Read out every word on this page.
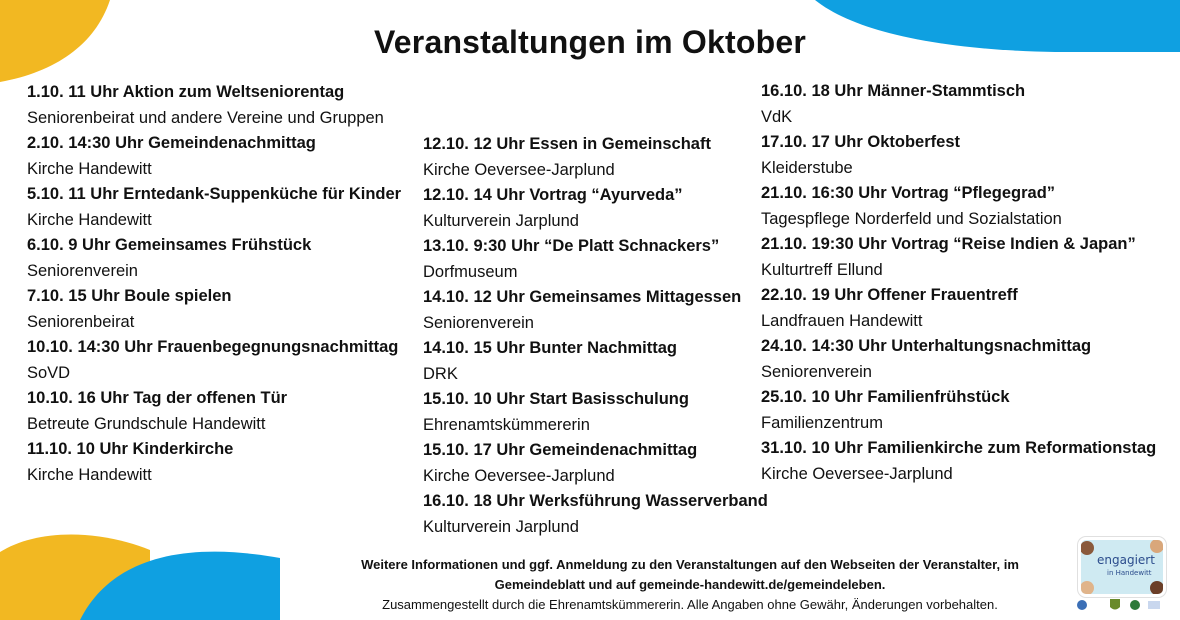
Veranstaltungen im Oktober
1.10. 11 Uhr Aktion zum Weltseniorentag
Seniorenbeirat und andere Vereine und Gruppen
2.10. 14:30 Uhr Gemeindenachmittag
Kirche Handewitt
5.10. 11 Uhr Erntedank-Suppenküche für Kinder
Kirche Handewitt
6.10. 9 Uhr Gemeinsames Frühstück
Seniorenverein
7.10. 15 Uhr Boule spielen
Seniorenbeirat
10.10. 14:30 Uhr Frauenbegegnungsnachmittag
SoVD
10.10. 16 Uhr Tag der offenen Tür
Betreute Grundschule Handewitt
11.10. 10 Uhr Kinderkirche
Kirche Handewitt
12.10. 12 Uhr Essen in Gemeinschaft
Kirche Oeversee-Jarplund
12.10. 14 Uhr Vortrag “Ayurveda”
Kulturverein Jarplund
13.10. 9:30 Uhr “De Platt Schnackers”
Dorfmuseum
14.10. 12 Uhr Gemeinsames Mittagessen
Seniorenverein
14.10. 15 Uhr Bunter Nachmittag
DRK
15.10. 10 Uhr Start Basisschulung
Ehrenamtskümmererin
15.10. 17 Uhr Gemeindenachmittag
Kirche Oeversee-Jarplund
16.10. 18 Uhr Werksführung Wasserverband
Kulturverein Jarplund
16.10. 18 Uhr Männer-Stammtisch
VdK
17.10. 17 Uhr Oktoberfest
Kleiderstube
21.10. 16:30 Uhr Vortrag “Pflegegrad”
Tagespflege Norderfeld und Sozialstation
21.10. 19:30 Uhr Vortrag “Reise Indien & Japan”
Kulturtreff Ellund
22.10. 19 Uhr Offener Frauentreff
Landfrauen Handewitt
24.10. 14:30 Uhr Unterhaltungsnachmittag
Seniorenverein
25.10. 10 Uhr Familienfrühstück
Familienzentrum
31.10. 10 Uhr Familienkirche zum Reformationstag
Kirche Oeversee-Jarplund
Weitere Informationen und ggf. Anmeldung zu den Veranstaltungen auf den Webseiten der Veranstalter, im
Gemeindeblatt und auf gemeinde-handewitt.de/gemeindeleben.
Zusammengestellt durch die Ehrenamtskümmererin. Alle Angaben ohne Gewähr, Änderungen vorbehalten.
engagiert
in Handewitt
